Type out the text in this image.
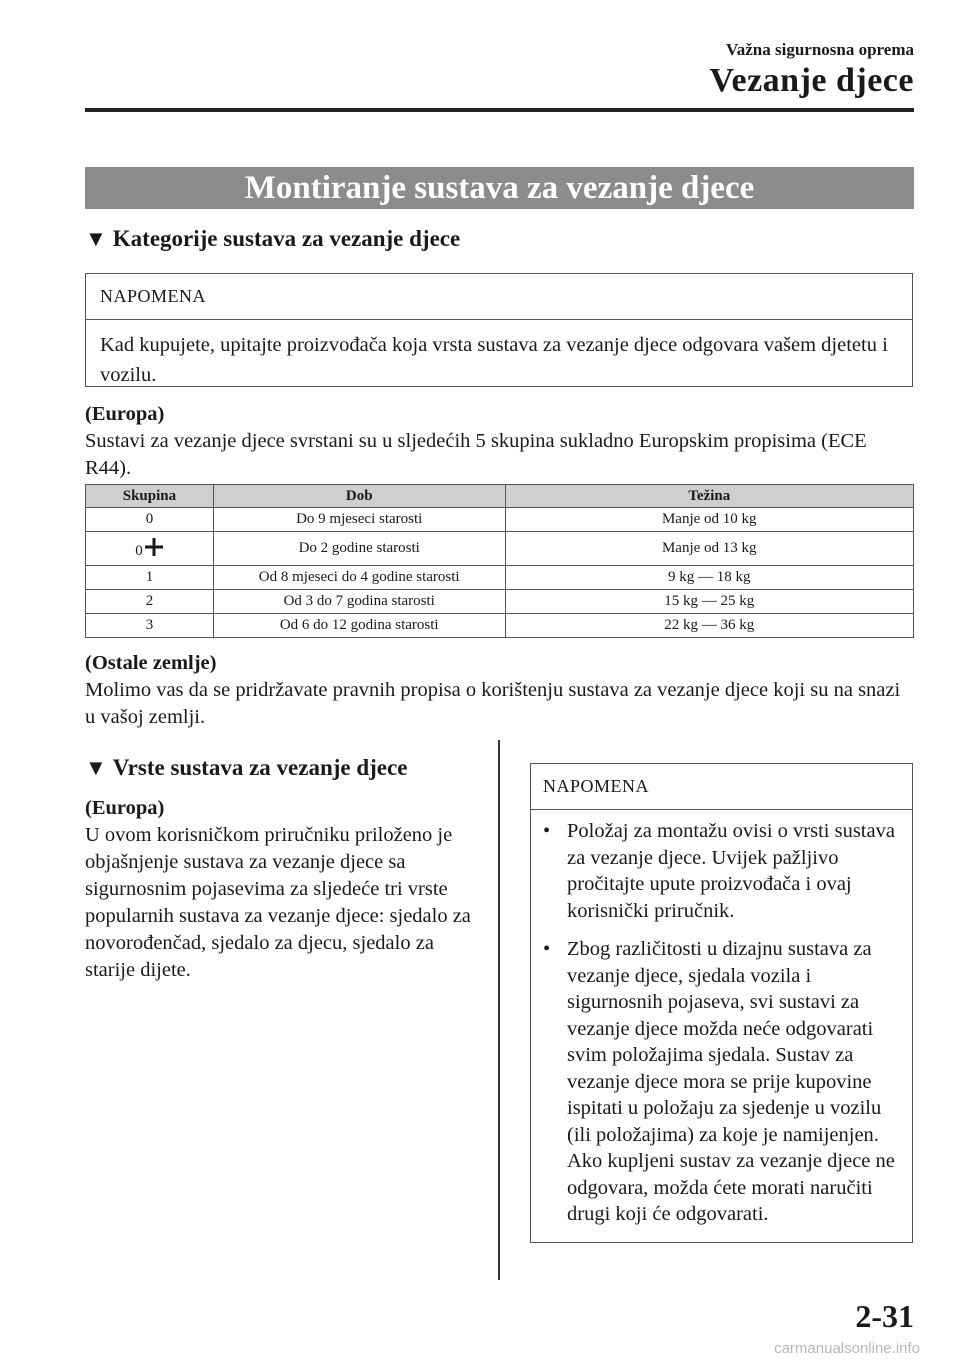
Važna sigurnosna oprema
Vezanje djece
Montiranje sustava za vezanje djece
▼ Kategorije sustava za vezanje djece
NAPOMENA
Kad kupujete, upitajte proizvođača koja vrsta sustava za vezanje djece odgovara vašem djetetu i vozilu.
(Europa)
Sustavi za vezanje djece svrstani su u sljedećih 5 skupina sukladno Europskim propisima (ECE R44).
Skupina	Dob	Težina
0	Do 9 mjeseci starosti	Manje od 10 kg
0	Do 2 godine starosti	Manje od 13 kg
1	Od 8 mjeseci do 4 godine starosti	9 kg — 18 kg
2	Od 3 do 7 godina starosti	15 kg — 25 kg
3	Od 6 do 12 godina starosti	22 kg — 36 kg
(Ostale zemlje)
Molimo vas da se pridržavate pravnih propisa o korištenju sustava za vezanje djece koji su na snazi u vašoj zemlji.
▼ Vrste sustava za vezanje djece
(Europa)
U ovom korisničkom priručniku priloženo je objašnjenje sustava za vezanje djece sa sigurnosnim pojasevima za sljedeće tri vrste popularnih sustava za vezanje djece: sjedalo za novorođenčad, sjedalo za djecu, sjedalo za starije dijete.
NAPOMENA
• Položaj za montažu ovisi o vrsti sustava za vezanje djece. Uvijek pažljivo pročitajte upute proizvođača i ovaj korisnički priručnik.
• Zbog različitosti u dizajnu sustava za vezanje djece, sjedala vozila i sigurnosnih pojaseva, svi sustavi za vezanje djece možda neće odgovarati svim položajima sjedala. Sustav za vezanje djece mora se prije kupovine ispitati u položaju za sjedenje u vozilu (ili položajima) za koje je namijenjen. Ako kupljeni sustav za vezanje djece ne odgovara, možda ćete morati naručiti drugi koji će odgovarati.
2-31
carmanualsonline.info
